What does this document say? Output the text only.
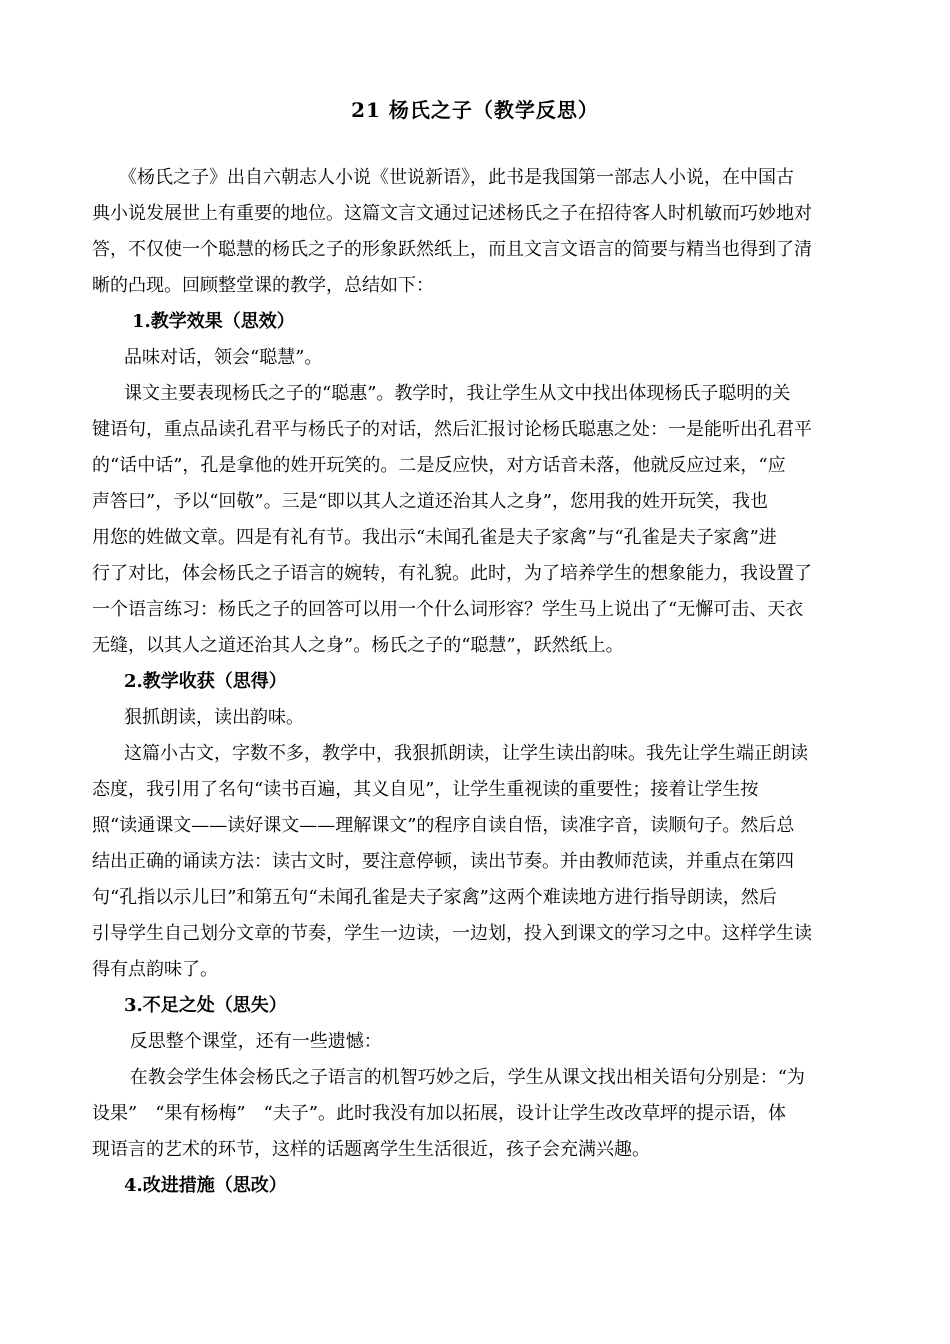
21 杨氏之子（教学反思）
　　《杨氏之子》出自六朝志人小说《世说新语》，此书是我国第一部志人小说，在中国古
典小说发展世上有重要的地位。这篇文言文通过记述杨氏之子在招待客人时机敏而巧妙地对
答，不仅使一个聪慧的杨氏之子的形象跃然纸上，而且文言文语言的简要与精当也得到了清
晰的凸现。回顾整堂课的教学，总结如下：
　1.教学效果（思效）
　品味对话，领会“聪慧”。
　课文主要表现杨氏之子的“聪惠”。教学时，我让学生从文中找出体现杨氏子聪明的关
键语句，重点品读孔君平与杨氏子的对话，然后汇报讨论杨氏聪惠之处：一是能听出孔君平
的“话中话”，孔是拿他的姓开玩笑的。二是反应快，对方话音未落，他就反应过来，“应
声答曰”，予以“回敬”。三是“即以其人之道还治其人之身”，您用我的姓开玩笑，我也
用您的姓做文章。四是有礼有节。我出示“未闻孔雀是夫子家禽”与“孔雀是夫子家禽”进
行了对比，体会杨氏之子语言的婉转，有礼貌。此时，为了培养学生的想象能力，我设置了
一个语言练习：杨氏之子的回答可以用一个什么词形容？学生马上说出了“无懈可击、天衣
无缝，以其人之道还治其人之身”。杨氏之子的“聪慧”，跃然纸上。
　2.教学收获（思得）
　狠抓朗读，读出韵味。
　这篇小古文，字数不多，教学中，我狠抓朗读，让学生读出韵味。我先让学生端正朗读
态度，我引用了名句“读书百遍，其义自见”，让学生重视读的重要性；接着让学生按
照“读通课文——读好课文——理解课文”的程序自读自悟，读准字音，读顺句子。然后总
结出正确的诵读方法：读古文时，要注意停顿，读出节奏。并由教师范读，并重点在第四
句“孔指以示儿曰”和第五句“未闻孔雀是夫子家禽”这两个难读地方进行指导朗读，然后
引导学生自己划分文章的节奏，学生一边读，一边划，投入到课文的学习之中。这样学生读
得有点韵味了。
　3.不足之处（思失）
　 反思整个课堂，还有一些遗憾：
　 在教会学生体会杨氏之子语言的机智巧妙之后，学生从课文找出相关语句分别是：“为
设果”　“果有杨梅”　“夫子”。此时我没有加以拓展，设计让学生改改草坪的提示语，体
现语言的艺术的环节，这样的话题离学生生活很近，孩子会充满兴趣。
　4.改进措施（思改）
